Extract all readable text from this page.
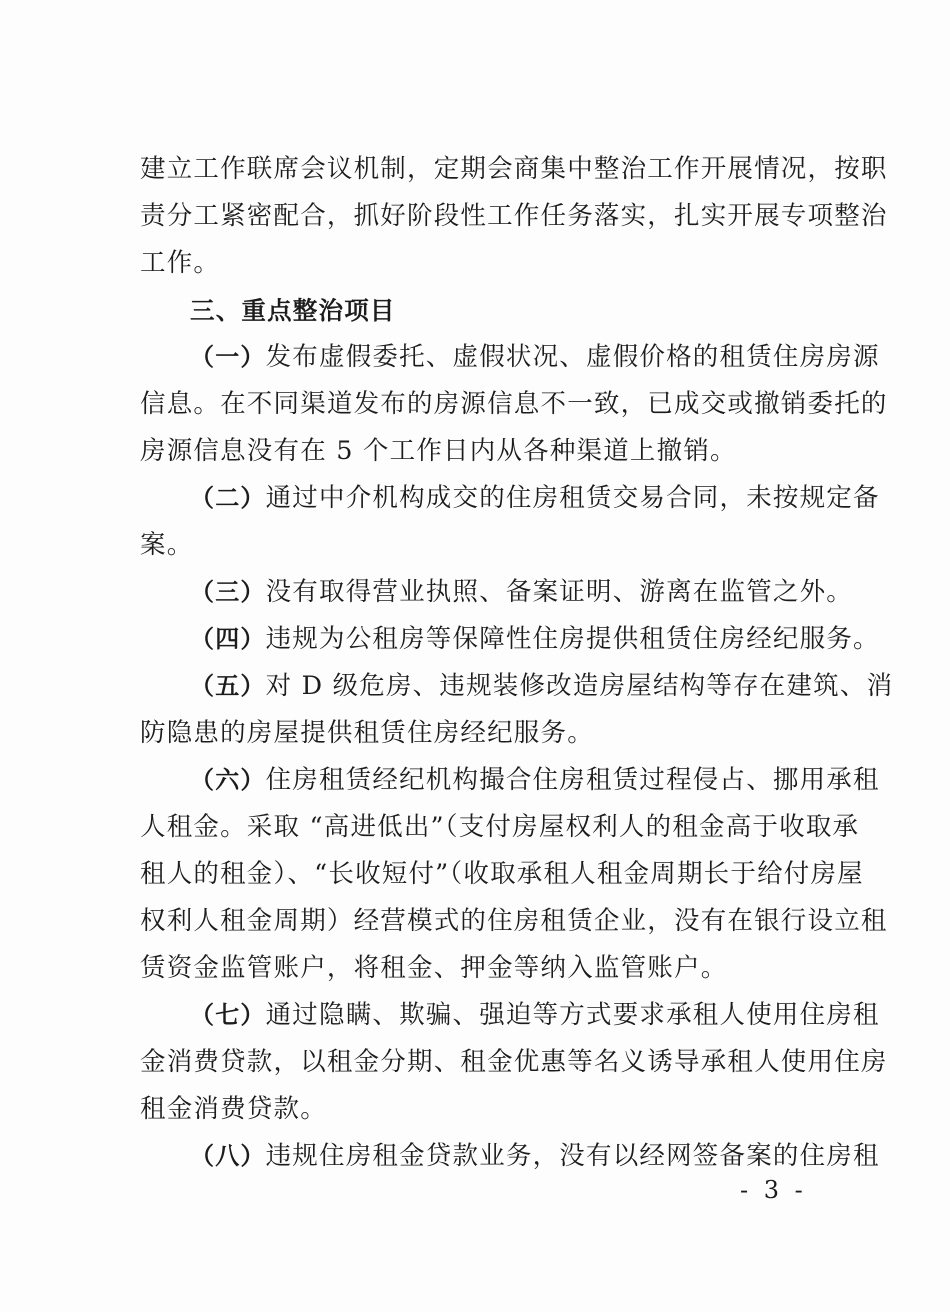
建立工作联席会议机制，定期会商集中整治工作开展情况，按职
责分工紧密配合，抓好阶段性工作任务落实，扎实开展专项整治
工作。

三、重点整治项目

（一）发布虚假委托、虚假状况、虚假价格的租赁住房房源
信息。在不同渠道发布的房源信息不一致，已成交或撤销委托的
房源信息没有在 5 个工作日内从各种渠道上撤销。

（二）通过中介机构成交的住房租赁交易合同，未按规定备
案。

（三）没有取得营业执照、备案证明、游离在监管之外。

（四）违规为公租房等保障性住房提供租赁住房经纪服务。

（五）对 D 级危房、违规装修改造房屋结构等存在建筑、消
防隐患的房屋提供租赁住房经纪服务。

（六）住房租赁经纪机构撮合住房租赁过程侵占、挪用承租
人租金。采取 “高进低出”（支付房屋权利人的租金高于收取承
租人的租金）、“长收短付”（收取承租人租金周期长于给付房屋
权利人租金周期）经营模式的住房租赁企业，没有在银行设立租
赁资金监管账户，将租金、押金等纳入监管账户。

（七）通过隐瞒、欺骗、强迫等方式要求承租人使用住房租
金消费贷款，以租金分期、租金优惠等名义诱导承租人使用住房
租金消费贷款。

（八）违规住房租金贷款业务，没有以经网签备案的住房租

- 3 -
